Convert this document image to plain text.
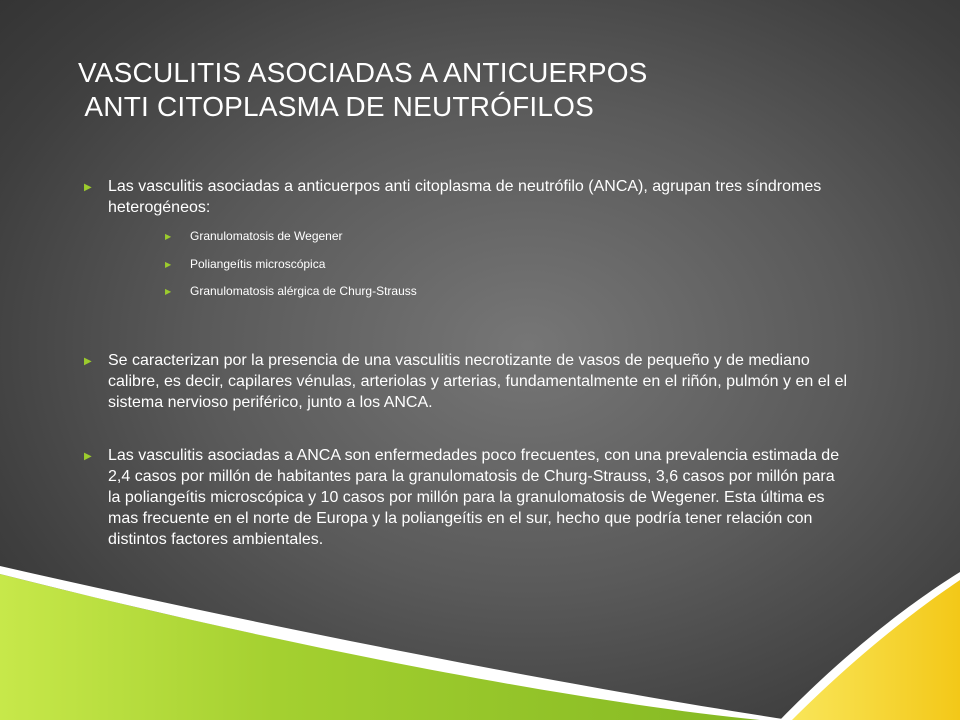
VASCULITIS ASOCIADAS A ANTICUERPOS
ANTI CITOPLASMA DE NEUTRÓFILOS
▶ Las vasculitis asociadas a anticuerpos anti citoplasma de neutrófilo (ANCA), agrupan tres síndromes heterogéneos:
▶ Granulomatosis de Wegener
▶ Poliangeítis microscópica
▶ Granulomatosis alérgica de Churg-Strauss
▶ Se caracterizan por la presencia de una vasculitis necrotizante de vasos de pequeño y de mediano calibre, es decir, capilares vénulas, arteriolas y arterias, fundamentalmente en el riñón, pulmón y en el el sistema nervioso periférico, junto a los ANCA.
▶ Las vasculitis asociadas a ANCA son enfermedades poco frecuentes, con una prevalencia estimada de 2,4 casos por millón de habitantes para la granulomatosis de Churg-Strauss, 3,6 casos por millón para la poliangeítis microscópica y 10 casos por millón para la granulomatosis de Wegener. Esta última es mas frecuente en el norte de Europa y la poliangeítis en el sur, hecho que podría tener relación con distintos factores ambientales.
